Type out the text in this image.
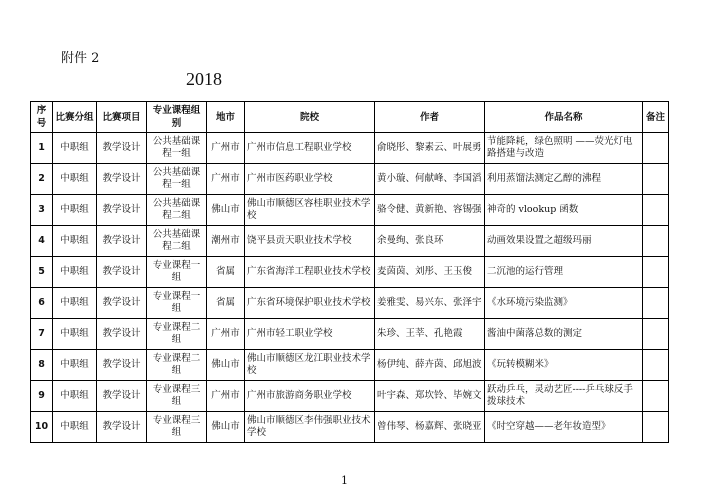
附件 2
2018
序号	比赛分组	比赛项目	专业课程组别	地市	院校	作者	作品名称	备注
1	中职组	教学设计	公共基础课程一组	广州市	广州市信息工程职业学校	俞晓彤、黎素云、叶展勇	节能降耗，绿色照明 ——荧光灯电路搭建与改造	
2	中职组	教学设计	公共基础课程一组	广州市	广州市医药职业学校	黄小璇、何献峰、李国滔	利用蒸馏法测定乙醇的沸程	
3	中职组	教学设计	公共基础课程二组	佛山市	佛山市顺德区容桂职业技术学校	骆令健、黄新艳、容锡强	神奇的 vlookup 函数	
4	中职组	教学设计	公共基础课程二组	潮州市	饶平县贡天职业技术学校	余曼绚、张良环	动画效果设置之超级玛丽	
5	中职组	教学设计	专业课程一组	省属	广东省海洋工程职业技术学校	麦茵茵、刘彤、王玉俊	二沉池的运行管理	
6	中职组	教学设计	专业课程一组	省属	广东省环境保护职业技术学校	姜雅雯、易兴东、张泽宇	《水环境污染监测》	
7	中职组	教学设计	专业课程二组	广州市	广州市轻工职业学校	朱珍、王莘、孔艳霞	酱油中菌落总数的测定	
8	中职组	教学设计	专业课程二组	佛山市	佛山市顺德区龙江职业技术学校	杨伊纯、薛卉茵、邱旭波	《玩转模糊米》	
9	中职组	教学设计	专业课程三组	广州市	广州市旅游商务职业学校	叶宇森、郑坎铃、毕婉文	跃动乒乓，灵动艺匠----乒乓球反手拨球技术	
10	中职组	教学设计	专业课程三组	佛山市	佛山市顺德区李伟强职业技术学校	曾伟琴、杨嘉辉、张晓亚	《时空穿越——老年妆造型》	
1
